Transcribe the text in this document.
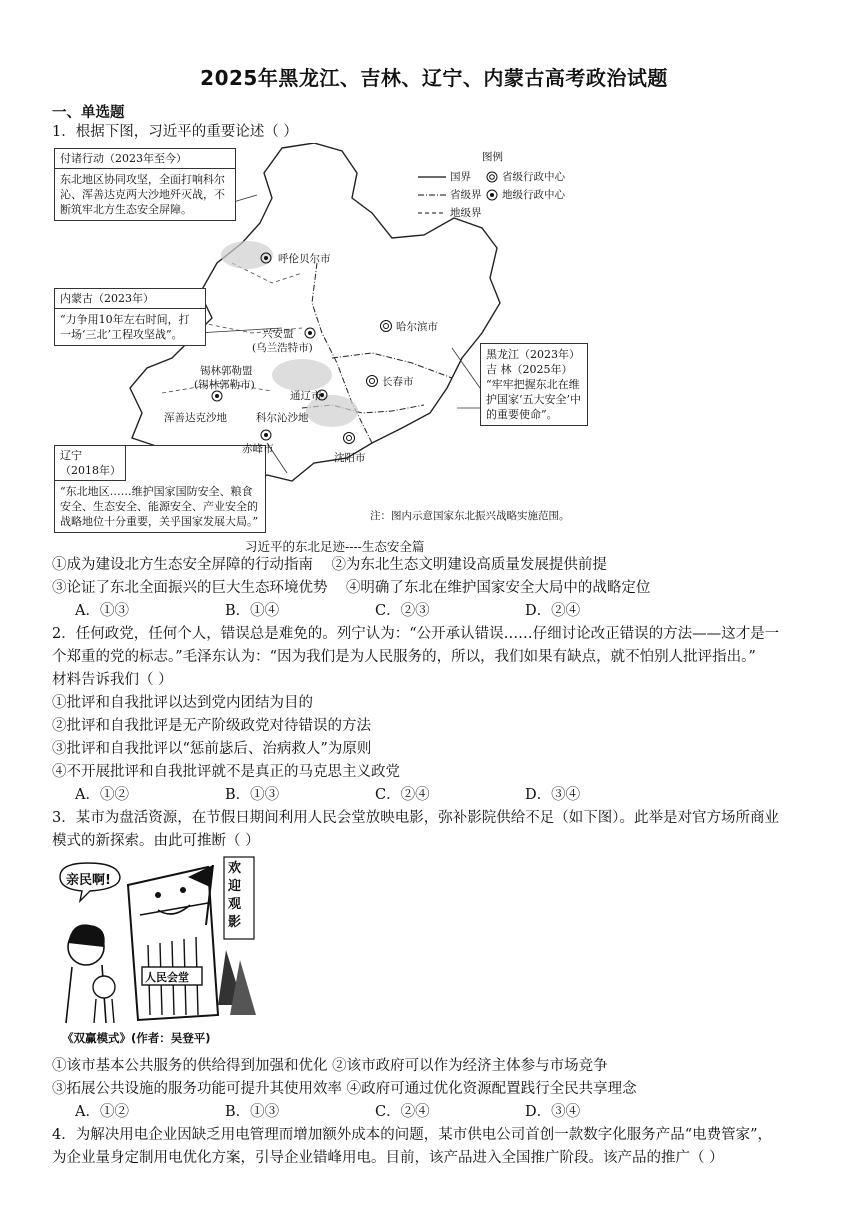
2025年黑龙江、吉林、辽宁、内蒙古高考政治试题
一、单选题
1．根据下图，习近平的重要论述（ ）
图例
国界
省级界
地级界
省级行政中心
地级行政中心
付诸行动（2023年至今）
东北地区协同攻坚，全面打响科尔沁、浑善达克两大沙地歼灭战，不断筑牢北方生态安全屏障。
内蒙古（2023年）
“力争用10年左右时间，打一场‘三北’工程攻坚战”。
黑龙江（2023年）
吉 林（2025年）
“牢牢把握东北在维护国家‘五大安全’中的重要使命”。
辽宁（2018年）
“东北地区……维护国家国防安全、粮食安全、生态安全、能源安全、产业安全的战略地位十分重要，关乎国家发展大局。”
呼伦贝尔市
哈尔滨市
兴安盟
(乌兰浩特市)
锡林郭勒盟
(锡林郭勒市)	长春市
通辽市
浑善达克沙地	科尔沁沙地
赤峰市
沈阳市
注：图内示意国家东北振兴战略实施范围。
习近平的东北足迹----生态安全篇
①成为建设北方生态安全屏障的行动指南 ②为东北生态文明建设高质量发展提供前提
③论证了东北全面振兴的巨大生态环境优势 ④明确了东北在维护国家安全大局中的战略定位
A．①③	B．①④	C．②③	D．②④
2．任何政党，任何个人，错误总是难免的。列宁认为：“公开承认错误……仔细讨论改正错误的方法——这才是一
个郑重的党的标志。”毛泽东认为：“因为我们是为人民服务的，所以，我们如果有缺点，就不怕别人批评指出。”
材料告诉我们（ ）
①批评和自我批评以达到党内团结为目的
②批评和自我批评是无产阶级政党对待错误的方法
③批评和自我批评以“惩前毖后、治病救人”为原则
④不开展批评和自我批评就不是真正的马克思主义政党
A．①②	B．①③	C．②④	D．③④
3．某市为盘活资源，在节假日期间利用人民会堂放映电影，弥补影院供给不足（如下图）。此举是对官方场所商业
模式的新探索。由此可推断（ ）
亲民啊!
欢迎观影
人民会堂
《双赢模式》(作者：吴登平)
①该市基本公共服务的供给得到加强和优化 ②该市政府可以作为经济主体参与市场竞争
③拓展公共设施的服务功能可提升其使用效率 ④政府可通过优化资源配置践行全民共享理念
A．①②	B．①③	C．②④	D．③④
4．为解决用电企业因缺乏用电管理而增加额外成本的问题，某市供电公司首创一款数字化服务产品“电费管家”，
为企业量身定制用电优化方案，引导企业错峰用电。目前，该产品进入全国推广阶段。该产品的推广（ ）
